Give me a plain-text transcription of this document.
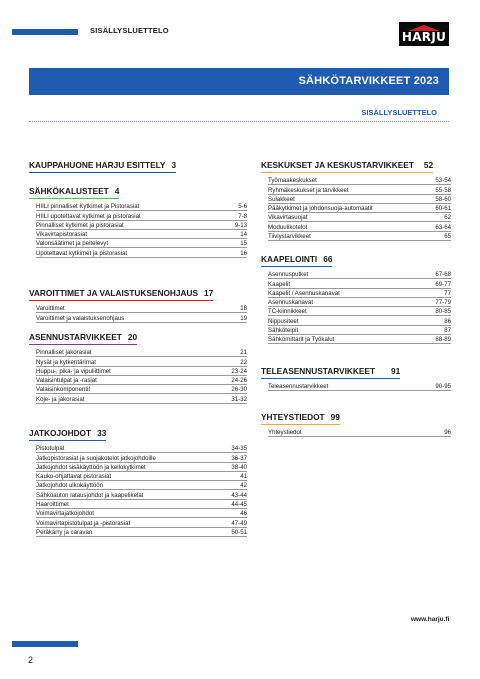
SISÄLLYSLUETTELO	HARJU
SÄHKÖTARVIKKEET 2023
SISÄLLYSLUETTELO
KAUPPAHUONE HARJU ESITTELY 3
SÄHKÖKALUSTEET 4
HIILI pinnalliset Kytkimet ja Pistorasiat	5-6
HIILI upotettavat kytkimet ja pistorasiat	7-8
Pinnalliset kytkimet ja pistorasiat	9-13
Vikavirtapistorasiat	14
Valonsäätimet ja peitelevyt	15
Upotettavat kytkimet ja pistorasiat	16
VAROITTIMET JA VALAISTUKSENOHJAUS 17
Varoittimet	18
Varoittimet ja valaistuksenohjaus	19
ASENNUSTARVIKKEET 20
Pinnalliset jakorasiat	21
Nysät ja kytkentärimat	22
Huppu-, pika- ja vipuliittimet	23-24
Valaisintulpat ja -rasiat	24-26
Valaisinkomponentit	26-30
Koje- ja jakorasiat	31-32
JATKOJOHDOT 33
Pistotulpat	34-35
Jatkopistorasiat ja suojakotelot jatkojohdoille	36-37
Jatkojohdot sisäkäyttöön ja kellokytkimet	38-40
Kauko-ohjattavat pistorasiat	41
Jatkojohdot ulkokäyttöön	42
Sähköauton latausjohdot ja kaapelikelat	43-44
Haaroittimet	44-45
Voimavirtajatkojohdot	46
Voimavirtapistotulpat ja -pistorasiat	47-49
Peräkärry ja caravan	50-51
KESKUKSET JA KESKUSTARVIKKEET 52
Työmaakeskukset	53-54
Ryhmäkeskukset ja tarvikkeet	55-58
Sulakkeet	58-60
Pääkytkimet ja johdonsuoja-automaatit	60-61
Vikavirtasuojat	62
Moduulikotelot	63-64
Tiiviystarvikkeet	65
KAAPELOINTI 66
Asennusputket	67-68
Kaapelit	69-77
Kaapelit / Asennuskanavat	77
Asennuskanavat	77-79
TC-kiinnikkeet	80-85
Nippusiteet	86
Sähköteipit	87
Sähkömittarit ja Työkalut	88-89
TELEASENNUSTARVIKKEET 91
Teleasennustarvikkeet	90-95
YHTEYSTIEDOT 99
Yhteystiedot	96
www.harju.fi
2
